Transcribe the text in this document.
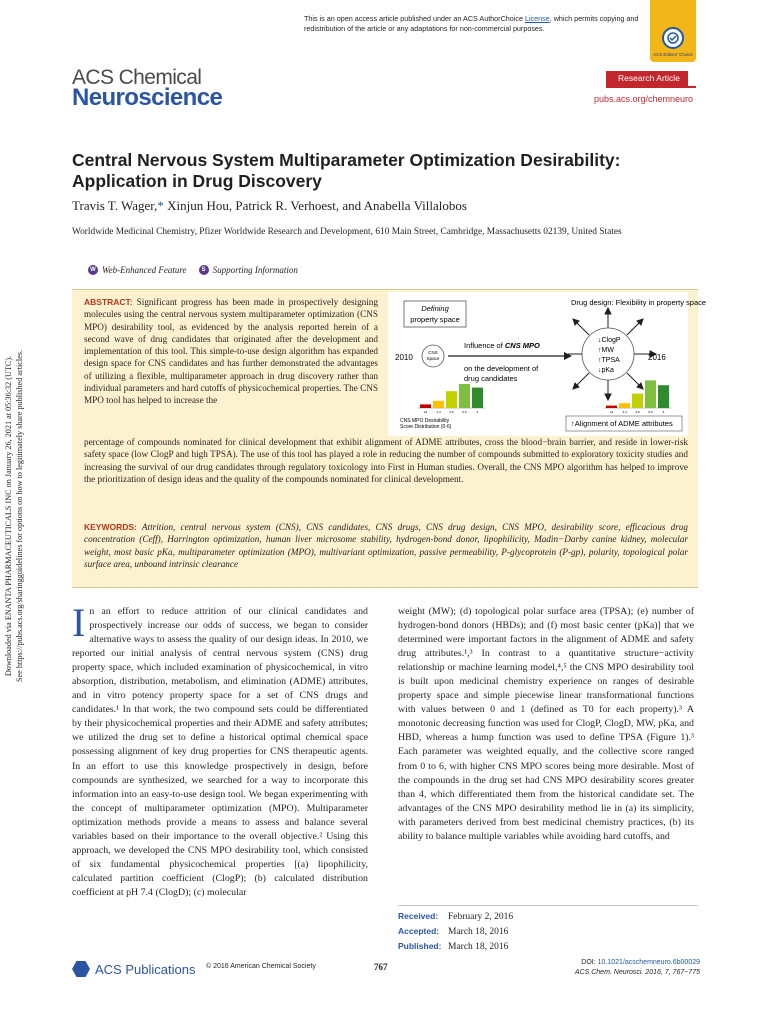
This is an open access article published under an ACS AuthorChoice License, which permits copying and redistribution of the article or any adaptations for non-commercial purposes.
ACS Editors' Choice
ACS Chemical
Neuroscience
Research Article
pubs.acs.org/chemneuro
Central Nervous System Multiparameter Optimization Desirability: Application in Drug Discovery
Travis T. Wager,* Xinjun Hou, Patrick R. Verhoest, and Anabella Villalobos
Worldwide Medicinal Chemistry, Pfizer Worldwide Research and Development, 610 Main Street, Cambridge, Massachusetts 02139, United States
W Web-Enhanced Feature	S Supporting Information
ABSTRACT: Significant progress has been made in prospectively designing molecules using the central nervous system multiparameter optimization (CNS MPO) desirability tool, as evidenced by the analysis reported herein of a second wave of drug candidates that originated after the development and implementation of this tool. This simple-to-use design algorithm has expanded design space for CNS candidates and has further demonstrated the advantages of utilizing a flexible, multiparameter approach in drug discovery rather than individual parameters and hard cutoffs of physicochemical properties. The CNS MPO tool has helped to increase the
Defining
property space
Drug design: Flexibility in property space
CNS
Space
2010
Influence of CNS MPO
on the development of
drug candidates
↓ClogP
↑MW
↑TPSA
↓pKa
2016
≤3	3-4	4-5	5-6	6	≤3	3-4	4-5	5-6	6
CNS MPO Desirability
Score Distribution (0-6)	↑Alignment of ADME attributes
percentage of compounds nominated for clinical development that exhibit alignment of ADME attributes, cross the blood−brain barrier, and reside in lower-risk safety space (low ClogP and high TPSA). The use of this tool has played a role in reducing the number of compounds submitted to exploratory toxicity studies and increasing the survival of our drug candidates through regulatory toxicology into First in Human studies. Overall, the CNS MPO algorithm has helped to improve the prioritization of design ideas and the quality of the compounds nominated for clinical development.
KEYWORDS: Attrition, central nervous system (CNS), CNS candidates, CNS drugs, CNS drug design, CNS MPO, desirability score, efficacious drug concentration (Ceff), Harrington optimization, human liver microsome stability, hydrogen-bond donor, lipophilicity, Madin−Darby canine kidney, molecular weight, most basic pKa, multiparameter optimization (MPO), multivariant optimization, passive permeability, P-glycoprotein (P-gp), polarity, topological polar surface area, unbound intrinsic clearance
Downloaded via ENANTA PHARMACEUTICALS INC on January 26, 2021 at 05:36:32 (UTC). See https://pubs.acs.org/sharingguidelines for options on how to legitimately share published articles. In an effort to reduce attrition of our clinical candidates and prospectively increase our odds of success, we began to consider alternative ways to assess the quality of our design ideas. In 2010, we reported our initial analysis of central nervous system (CNS) drug property space, which included examination of physicochemical, in vitro absorption, distribution, metabolism, and elimination (ADME) attributes, and in vitro potency property space for a set of CNS drugs and candidates.¹ In that work, the two compound sets could be differentiated by their physicochemical properties and their ADME and safety attributes; we utilized the drug set to define a historical optimal chemical space possessing alignment of key drug properties for CNS therapeutic agents. In an effort to use this knowledge prospectively in design, before compounds are synthesized, we searched for a way to incorporate this information into an easy-to-use design tool. We began experimenting with the concept of multiparameter optimization (MPO). Multiparameter optimization methods provide a means to assess and balance several variables based on their importance to the overall objective.² Using this approach, we developed the CNS MPO desirability tool, which consisted of six fundamental physicochemical properties [(a) lipophilicity, calculated partition coefficient (ClogP); (b) calculated distribution coefficient at pH 7.4 (ClogD); (c) molecular
weight (MW); (d) topological polar surface area (TPSA); (e) number of hydrogen-bond donors (HBDs); and (f) most basic center (pKa)] that we determined were important factors in the alignment of ADME and safety drug attributes.¹,³ In contrast to a quantitative structure−activity relationship or machine learning model,⁴,⁵ the CNS MPO desirability tool is built upon medicinal chemistry experience on ranges of desirable property space and simple piecewise linear transformational functions with values between 0 and 1 (defined as T0 for each property).³ A monotonic decreasing function was used for ClogP, ClogD, MW, pKa, and HBD, whereas a hump function was used to define TPSA (Figure 1).³ Each parameter was weighted equally, and the collective score ranged from 0 to 6, with higher CNS MPO scores being more desirable. Most of the compounds in the drug set had CNS MPO desirability scores greater than 4, which differentiated them from the historical candidate set. The advantages of the CNS MPO desirability method lie in (a) its simplicity, with parameters derived from best medicinal chemistry practices, (b) its ability to balance multiple variables while avoiding hard cutoffs, and
Received: February 2, 2016
Accepted: March 18, 2016
Published: March 18, 2016
ACS Publications © 2016 American Chemical Society	767	DOI: 10.1021/acschemneuro.6b00029
ACS Chem. Neurosci. 2016, 7, 767−775
